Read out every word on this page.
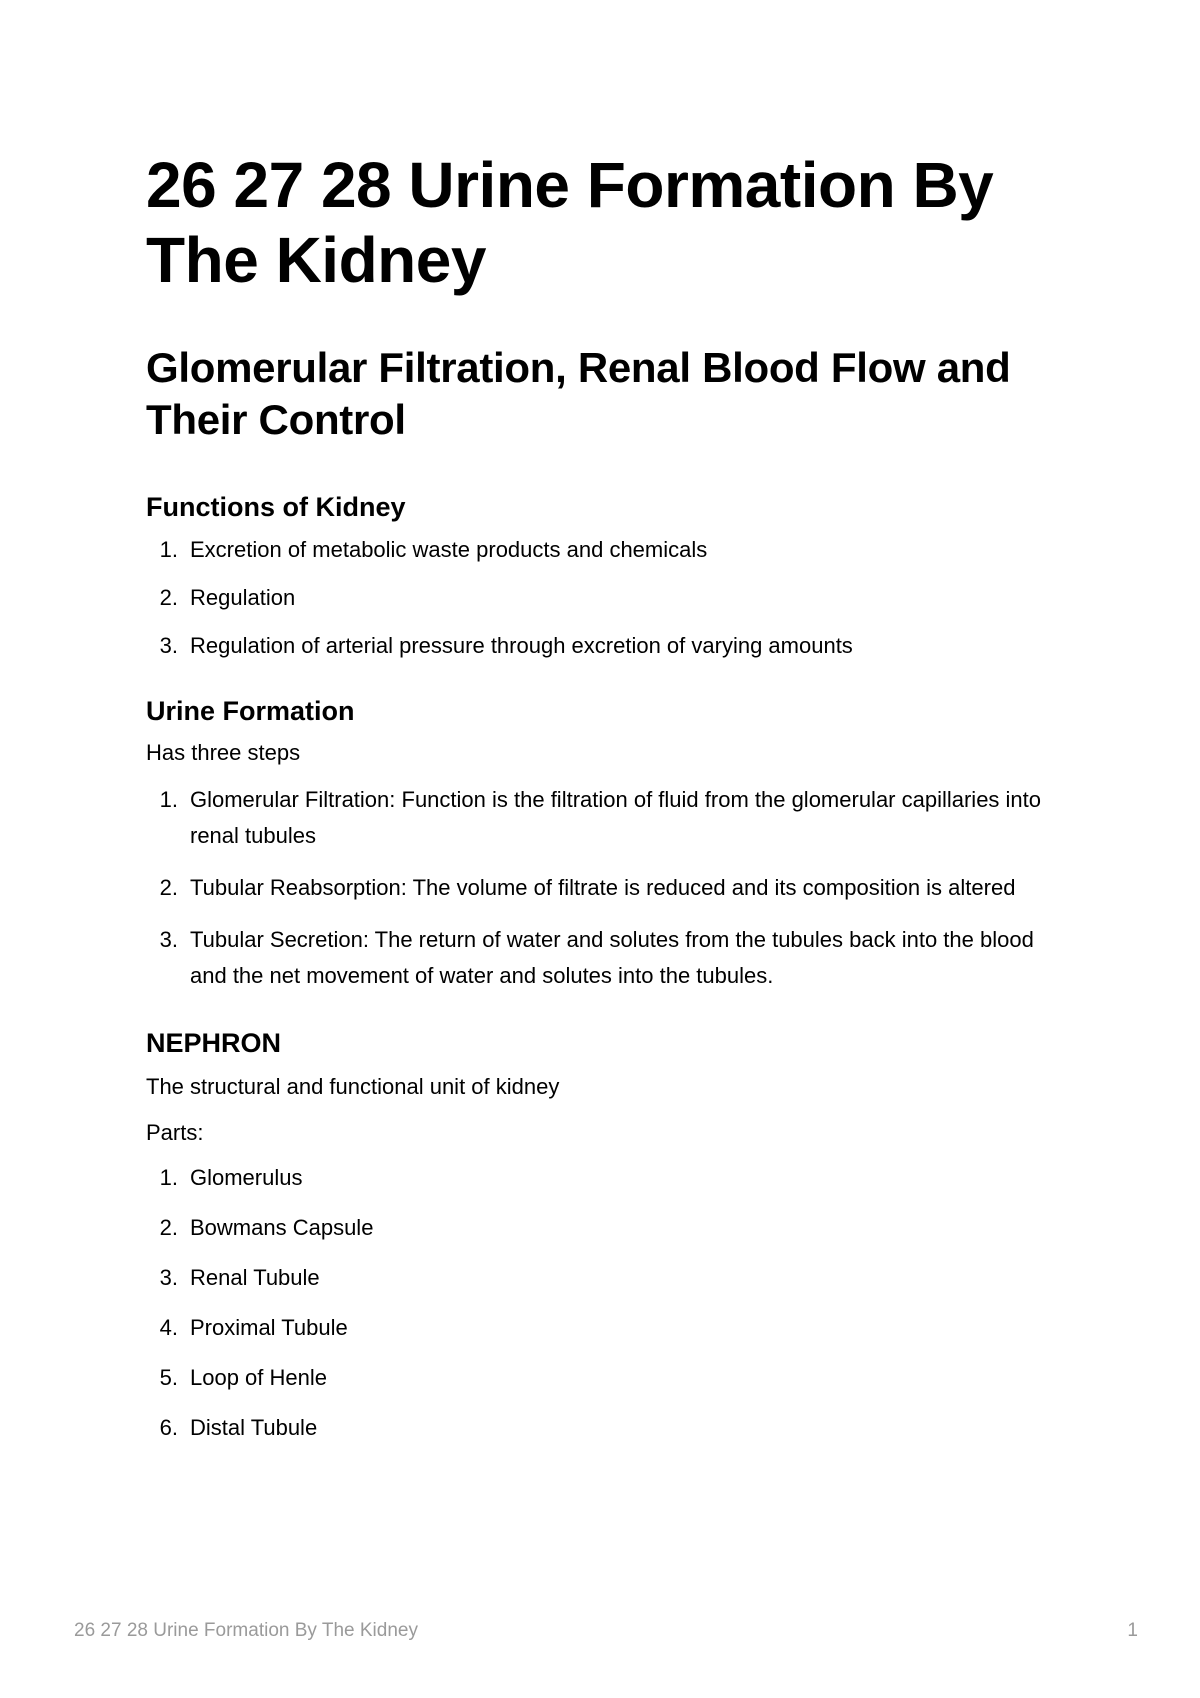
26 27 28 Urine Formation By The Kidney
Glomerular Filtration, Renal Blood Flow and Their Control
Functions of Kidney
1. Excretion of metabolic waste products and chemicals
2. Regulation
3. Regulation of arterial pressure through excretion of varying amounts
Urine Formation

Has three steps

1. Glomerular Filtration: Function is the filtration of fluid from the glomerular capillaries into renal tubules
2. Tubular Reabsorption: The volume of filtrate is reduced and its composition is altered
3. Tubular Secretion: The return of water and solutes from the tubules back into the blood and the net movement of water and solutes into the tubules.
NEPHRON

The structural and functional unit of kidney

Parts:

1. Glomerulus
2. Bowmans Capsule
3. Renal Tubule
4. Proximal Tubule
5. Loop of Henle
6. Distal Tubule
26 27 28 Urine Formation By The Kidney	1
